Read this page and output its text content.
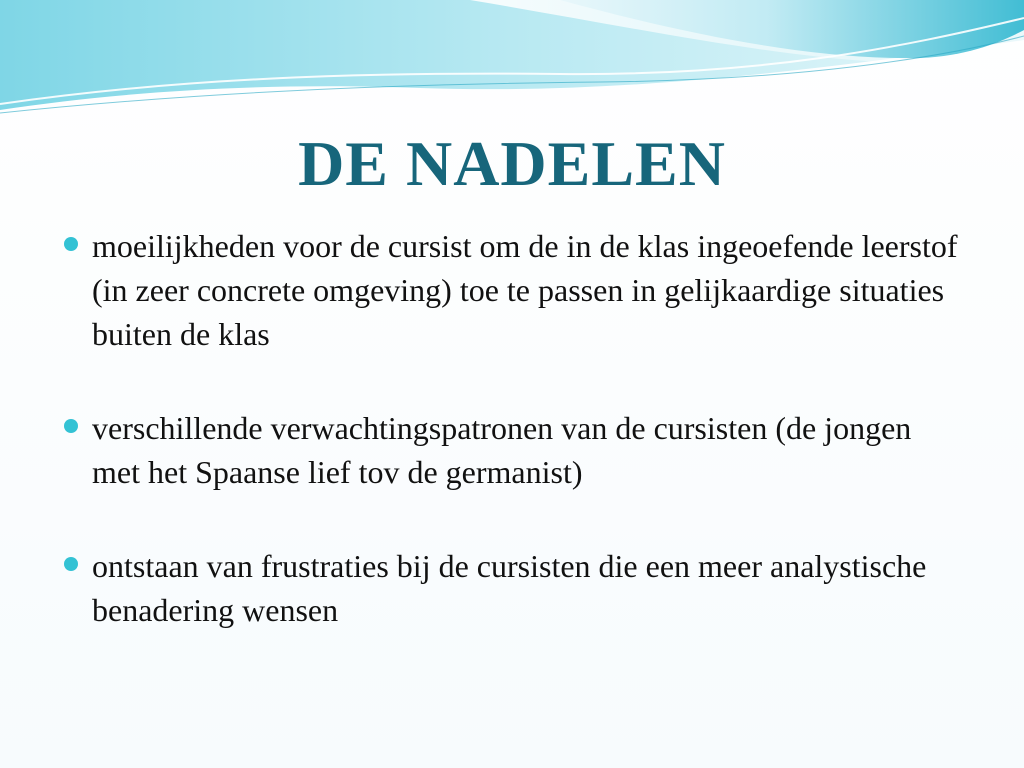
DE NADELEN
moeilijkheden voor de cursist om de in de klas ingeoefende leerstof (in zeer concrete omgeving) toe te passen in gelijkaardige situaties buiten de klas
verschillende verwachtingspatronen van de cursisten (de jongen met het Spaanse lief tov de germanist)
ontstaan van frustraties bij de cursisten die een meer analystische benadering wensen
